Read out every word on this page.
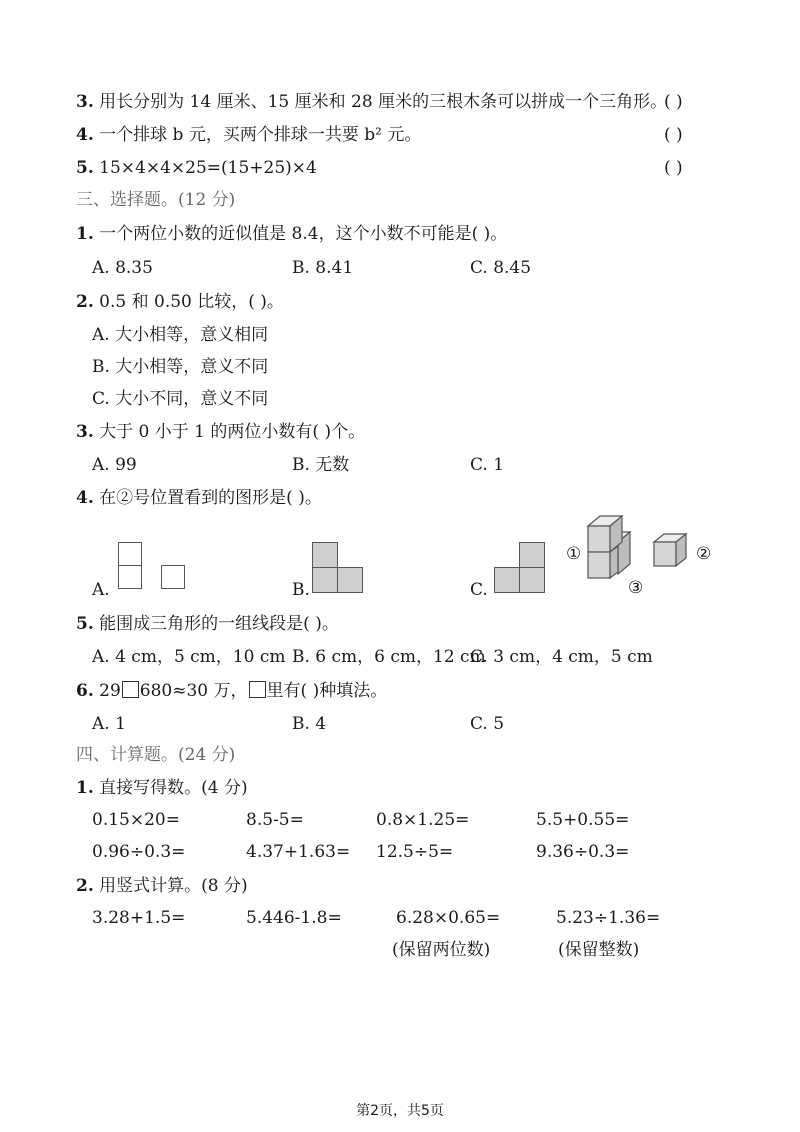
3. 用长分别为 14 厘米、15 厘米和 28 厘米的三根木条可以拼成一个三角形。
( )
4. 一个排球 b 元，买两个排球一共要 b² 元。	( )
5. 15×4×4×25=(15+25)×4	( )
三、选择题。(12 分)
1. 一个两位小数的近似值是 8.4，这个小数不可能是( )。
A. 8.35	B. 8.41	C. 8.45
2. 0.5 和 0.50 比较，( )。
A. 大小相等，意义相同
B. 大小相等，意义不同
C. 大小不同，意义不同
3. 大于 0 小于 1 的两位小数有( )个。
A. 99	B. 无数	C. 1
4. 在②号位置看到的图形是( )。
A.	B.	C.
①	②
③
5. 能围成三角形的一组线段是( )。
A. 4 cm，5 cm，10 cm B. 6 cm，6 cm，12 cm
C. 3 cm，4 cm，5 cm
6. 29 680≈30 万， 里有( )种填法。
A. 1	B. 4	C. 5
四、计算题。(24 分)
1. 直接写得数。(4 分)
0.15×20=	8.5-5=	0.8×1.25=	5.5+0.55=
0.96÷0.3=	4.37+1.63= 12.5÷5=	9.36÷0.3=
2. 用竖式计算。(8 分)
3.28+1.5=	5.446-1.8=	6.28×0.65=	5.23÷1.36=
(保留两位数)	(保留整数)
第2页，共5页
